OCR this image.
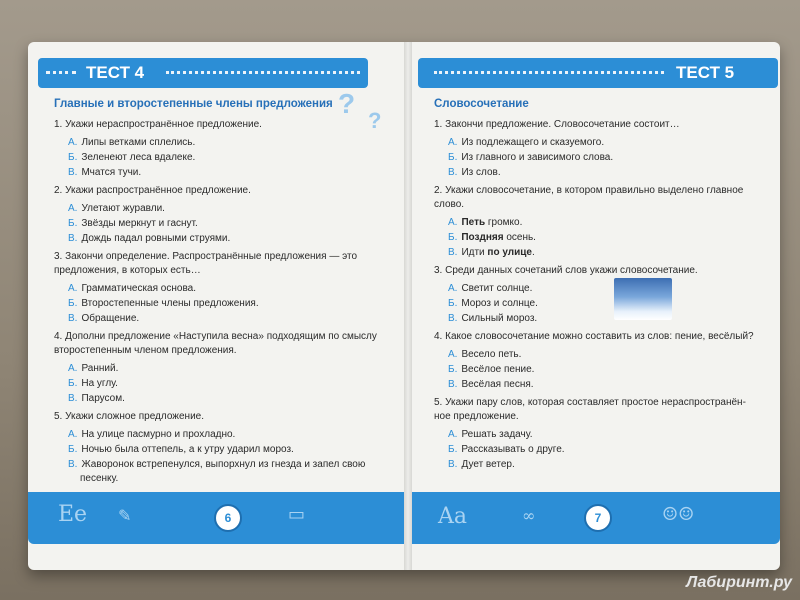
ТЕСТ 4
?
?
Главные и второстепенные члены предложения
1. Укажи нераспространённое предложение.
А. Липы ветками сплелись.
Б. Зеленеют леса вдалеке.
В. Мчатся тучи.
2. Укажи распространённое предложение.
А. Улетают журавли.
Б. Звёзды меркнут и гаснут.
В. Дождь падал ровными струями.
3. Закончи определение. Распространённые предложения — это
предложения, в которых есть…
А. Грамматическая основа.
Б. Второстепенные члены предложения.
В. Обращение.
4. Дополни предложение «Наступила весна» подходящим по смыслу
второстепенным членом предложения.
А. Ранний.
Б. На углу.
В. Парусом.
5. Укажи сложное предложение.
А. На улице пасмурно и прохладно.
Б. Ночью была оттепель, а к утру ударил мороз.
В. Жаворонок встрепенулся, выпорхнул из гнезда и запел свою
песенку.
Ee ✎	▭
6
ТЕСТ 5
Словосочетание
1. Закончи предложение. Словосочетание состоит…
А. Из подлежащего и сказуемого.
Б. Из главного и зависимого слова.
В. Из слов.
2. Укажи словосочетание, в котором правильно выделено главное
слово.
А. Петь громко.
Б. Поздняя осень.
В. Идти по улице.
3. Среди данных сочетаний слов укажи словосочетание.
А. Светит солнце.
Б. Мороз и солнце.
В. Сильный мороз.
4. Какое словосочетание можно составить из слов: пение, весёлый?
А. Весело петь.
Б. Весёлое пение.
В. Весёлая песня.
5. Укажи пару слов, которая составляет простое нераспространён-
ное предложение.
А. Решать задачу.
Б. Рассказывать о друге.
В. Дует ветер.
Aa	∞	☺☺
7
Лабиринт.ру
